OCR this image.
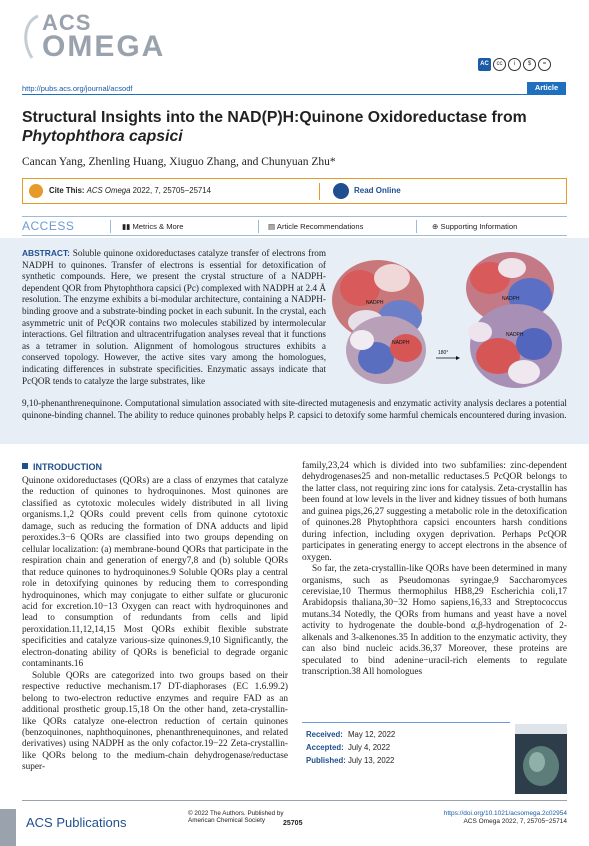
ACS
OMEGA
AC	cc	i	$	=
http://pubs.acs.org/journal/acsodf	Article
Structural Insights into the NAD(P)H:Quinone Oxidoreductase from
Phytophthora capsici
Cancan Yang, Zhenling Huang, Xiuguo Zhang, and Chunyuan Zhu*
Cite This: ACS Omega 2022, 7, 25705−25714	Read Online
ACCESS	▮▮ Metrics & More	▤ Article Recommendations	⊕ Supporting Information
ABSTRACT: Soluble quinone oxidoreductases catalyze transfer of electrons from NADPH to quinones. Transfer of electrons is essential for detoxification of synthetic compounds. Here, we present the crystal structure of a NADPH-dependent QOR from Phytophthora capsici (Pc) complexed with NADPH at 2.4 Å resolution. The enzyme exhibits a bi-modular architecture, containing a NADPH-binding groove and a substrate-binding pocket in each subunit. In the crystal, each asymmetric unit of PcQOR contains two molecules stabilized by intermolecular interactions. Gel filtration and ultracentrifugation analyses reveal that it functions as a tetramer in solution. Alignment of homologous structures exhibits a conserved topology. However, the active sites vary among the homologues, indicating differences in substrate specificities. Enzymatic assays indicate that PcQOR tends to catalyze the large substrates, like
NADPH
NADPH
180°
NADPH
NADPH
9,10-phenanthrenequinone. Computational simulation associated with site-directed mutagenesis and enzymatic activity analysis declares a potential quinone-binding channel. The ability to reduce quinones probably helps P. capsici to detoxify some harmful chemicals encountered during invasion.
INTRODUCTION

Quinone oxidoreductases (QORs) are a class of enzymes that catalyze the reduction of quinones to hydroquinones. Most quinones are classified as cytotoxic molecules widely distributed in all living organisms.1,2 QORs could prevent cells from quinone cytotoxic damage, such as reducing the formation of DNA adducts and lipid peroxides.3−6 QORs are classified into two groups depending on cellular localization: (a) membrane-bound QORs that participate in the respiration chain and generation of energy7,8 and (b) soluble QORs that reduce quinones to hydroquinones.9 Soluble QORs play a central role in detoxifying quinones by reducing them to corresponding hydroquinones, which may conjugate to either sulfate or glucuronic acid for excretion.10−13 Oxygen can react with hydroquinones and lead to consumption of redundants from cells and lipid peroxidation.11,12,14,15 Most QORs exhibit flexible substrate specificities and catalyze various-size quinones.9,10 Significantly, the electron-donating ability of QORs is beneficial to degrade organic contaminants.16

Soluble QORs are categorized into two groups based on their respective reductive mechanism.17 DT-diaphorases (EC 1.6.99.2) belong to two-electron reductive enzymes and require FAD as an additional prosthetic group.15,18 On the other hand, zeta-crystallin-like QORs catalyze one-electron reduction of certain quinones (benzoquinones, naphthoquinones, phenanthrenequinones, and related derivatives) using NADPH as the only cofactor.19−22 Zeta-crystallin-like QORs belong to the medium-chain dehydrogenase/reductase super-

family,23,24 which is divided into two subfamilies: zinc-dependent dehydrogenases25 and non-metallic reductases.5 PcQOR belongs to the latter class, not requiring zinc ions for catalysis. Zeta-crystallin has been found at low levels in the liver and kidney tissues of both humans and guinea pigs,26,27 suggesting a metabolic role in the detoxification of quinones.28 Phytophthora capsici encounters harsh conditions during infection, including oxygen deprivation. Perhaps PcQOR participates in generating energy to accept electrons in the absence of oxygen.

So far, the zeta-crystallin-like QORs have been determined in many organisms, such as Pseudomonas syringae,9 Saccharomyces cerevisiae,10 Thermus thermophilus HB8,29 Escherichia coli,17 Arabidopsis thaliana,30−32 Homo sapiens,16,33 and Streptococcus mutans.34 Notedly, the QORs from humans and yeast have a novel activity to hydrogenate the double-bond α,β-hydrogenation of 2-alkenals and 3-alkenones.35 In addition to the enzymatic activity, they can also bind nucleic acids.36,37 Moreover, these proteins are speculated to bind adenine−uracil-rich elements to regulate transcription.38 All homologues

Received: May 12, 2022
Accepted: July 4, 2022
Published: July 13, 2022
ACS Publications
© 2022 The Authors. Published by
American Chemical Society	25705
https://doi.org/10.1021/acsomega.2c02954
ACS Omega 2022, 7, 25705−25714
